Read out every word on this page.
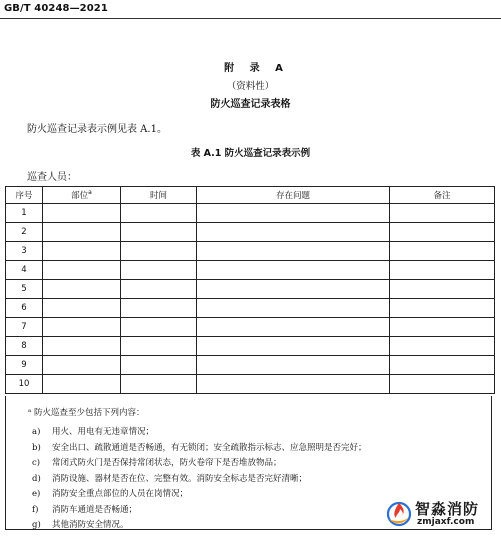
GB/T 40248—2021
附 录 A
（资料性）
防火巡查记录表格
防火巡查记录表示例见表 A.1。
表 A.1 防火巡查记录表示例
巡查人员：
序号	部位$^a$	时间	存在问题	备注
1				
2				
3				
4				
5				
6				
7				
8				
9				
10				
ᵃ 防火巡查至少包括下列内容：
a) 用火、用电有无违章情况；
b) 安全出口、疏散通道是否畅通，有无锁闭；安全疏散指示标志、应急照明是否完好；
c) 常闭式防火门是否保持常闭状态，防火卷帘下是否堆放物品；
d) 消防设施、器材是否在位、完整有效。消防安全标志是否完好清晰；
e) 消防安全重点部位的人员在岗情况；
f) 消防车通道是否畅通；
g) 其他消防安全情况。
智淼消防
zmjaxf.com
